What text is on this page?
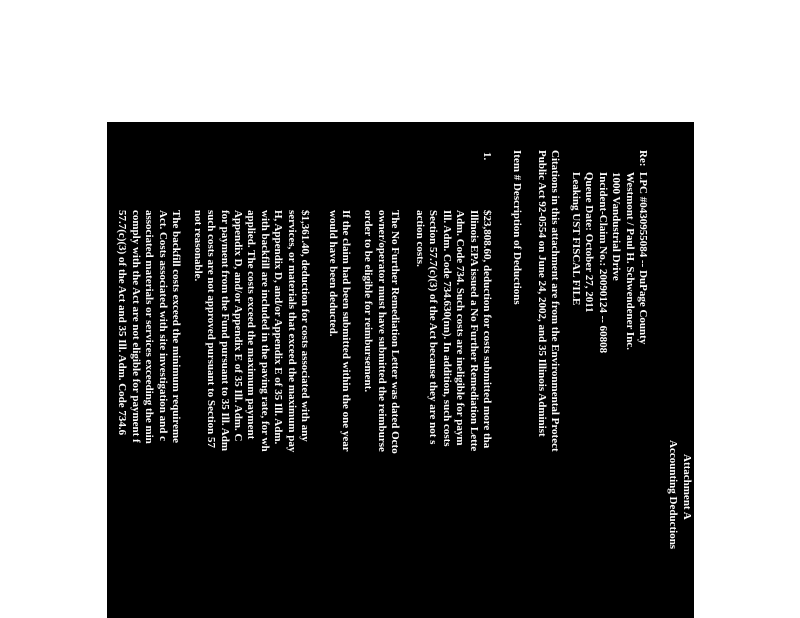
Attachment A
Accounting Deductions
Re:
LPC #0430955084 -- DuPage County
Westmont / Paul H. Schwendener Inc.
1000 Vandustrial Drive
Incident-Claim No.: 20090124 -- 60808
Queue Date: October 27, 2011
Leaking UST FISCAL FILE
Citations in this attachment are from the Environmental Protect
Public Act 92-0554 on June 24, 2002, and 35 Illinois Administ
Item # Description of Deductions
1.
$23,808.60, deduction for costs submitted more tha
Illinois EPA issued a No Further Remediation Lette
Adm. Code 734. Such costs are ineligible for paym
Ill. Adm. Code 734.630(nn). In addition, such costs
Section 57.7(c)(3) of the Act because they are not s
action costs.
The No Further Remediation Letter was dated Octo
owner/operator must have submitted the reimburse
order to be eligible for reimbursement.
If the claim had been submitted within the one year
would have been deducted.
$1,361.40, deduction for costs associated with any
services, or materials that exceed the maximum pay
H, Appendix D, and/or Appendix E of 35 Ill. Adm.
with backfill are included in the paving rate, for wh
applied. The costs exceed the maximum payment
Appendix D, and/or Appendix E of 35 Ill. Adm. C
for payment from the Fund pursuant to 35 Ill. Adm
such costs are not approved pursuant to Section 57
not reasonable.
The backfill costs exceed the minimum requireme
Act. Costs associated with site investigation and c
associated materials or services exceeding the min
comply with the Act are not eligible for payment f
57.7(c)(3) of the Act and 35 Ill. Adm. Code 734.6
